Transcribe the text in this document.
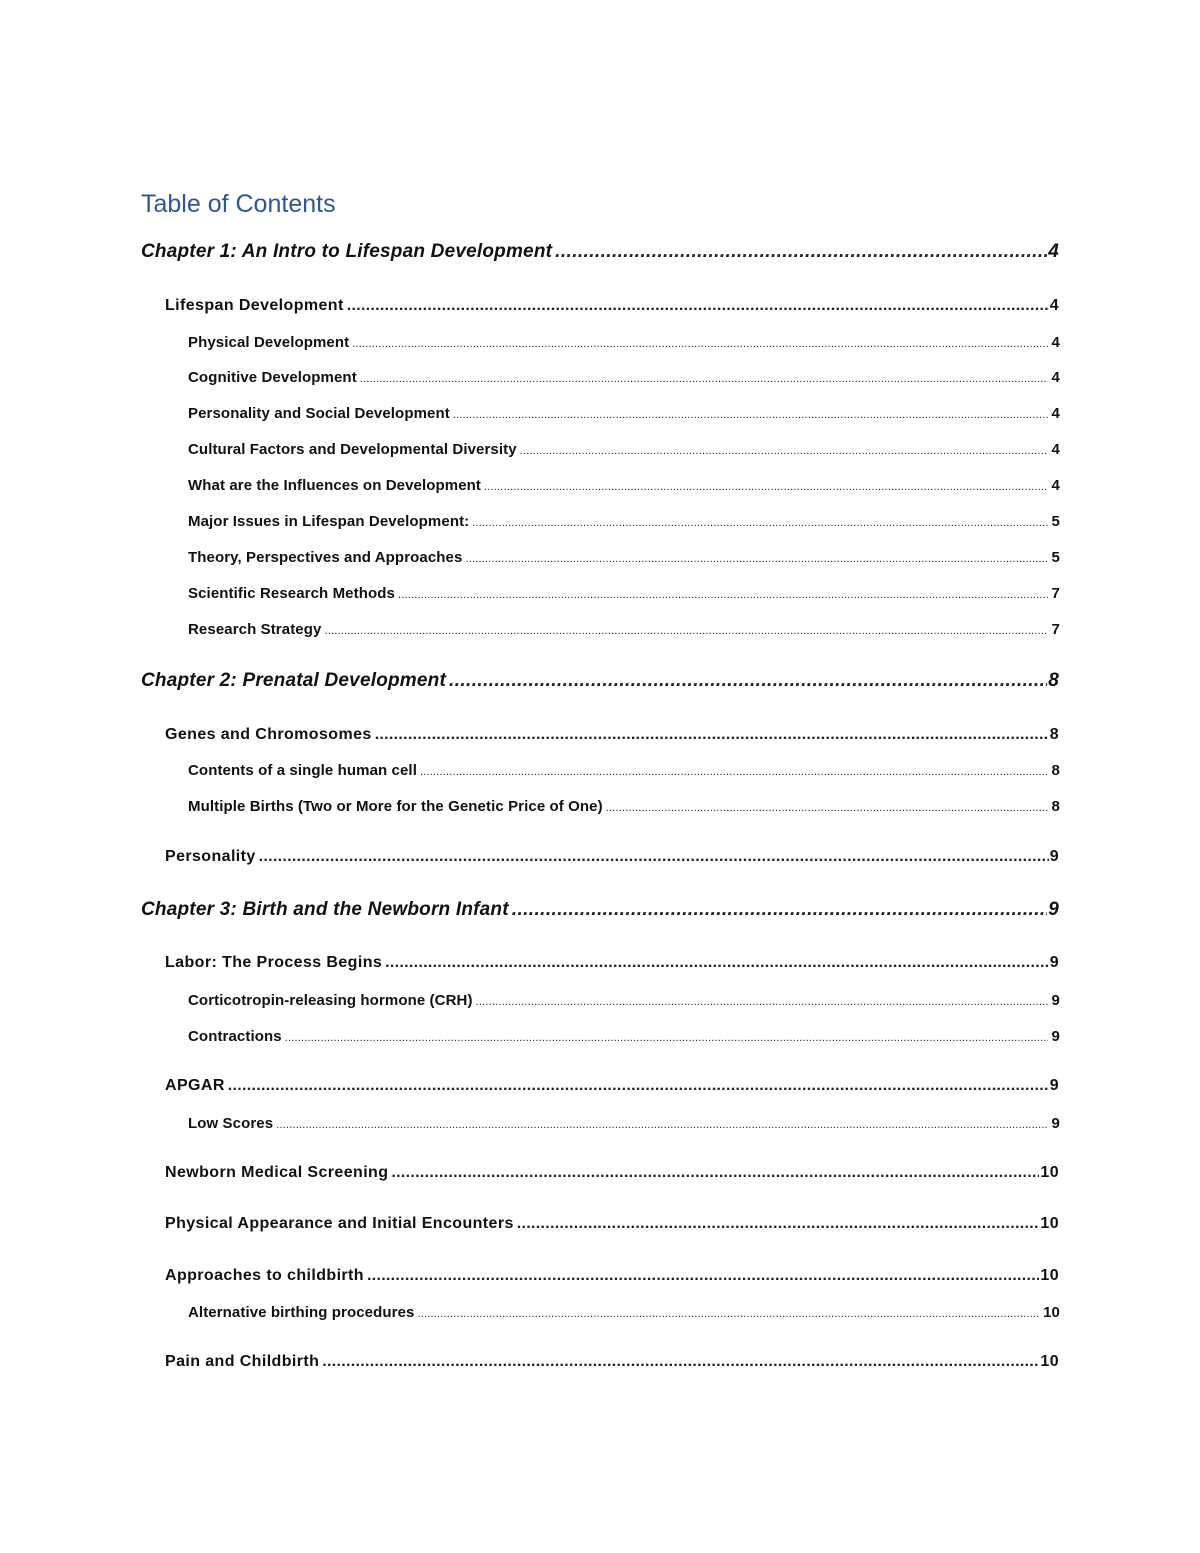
Table of Contents
Chapter 1: An Intro to Lifespan Development .....	4
Lifespan Development .....	4
Physical Development .....	4
Cognitive Development .....	4
Personality and Social Development .....	4
Cultural Factors and Developmental Diversity .....	4
What are the Influences on Development .....	4
Major Issues in Lifespan Development: .....	5
Theory, Perspectives and Approaches .....	5
Scientific Research Methods .....	7
Research Strategy .....	7
Chapter 2: Prenatal Development .....	8
Genes and Chromosomes .....	8
Contents of a single human cell .....	8
Multiple Births (Two or More for the Genetic Price of One) .....	8
Personality .....	9
Chapter 3: Birth and the Newborn Infant .....	9
Labor: The Process Begins .....	9
Corticotropin-releasing hormone (CRH) .....	9
Contractions .....	9
APGAR .....	9
Low Scores .....	9
Newborn Medical Screening .....	10
Physical Appearance and Initial Encounters .....	10
Approaches to childbirth .....	10
Alternative birthing procedures .....	10
Pain and Childbirth .....	10
